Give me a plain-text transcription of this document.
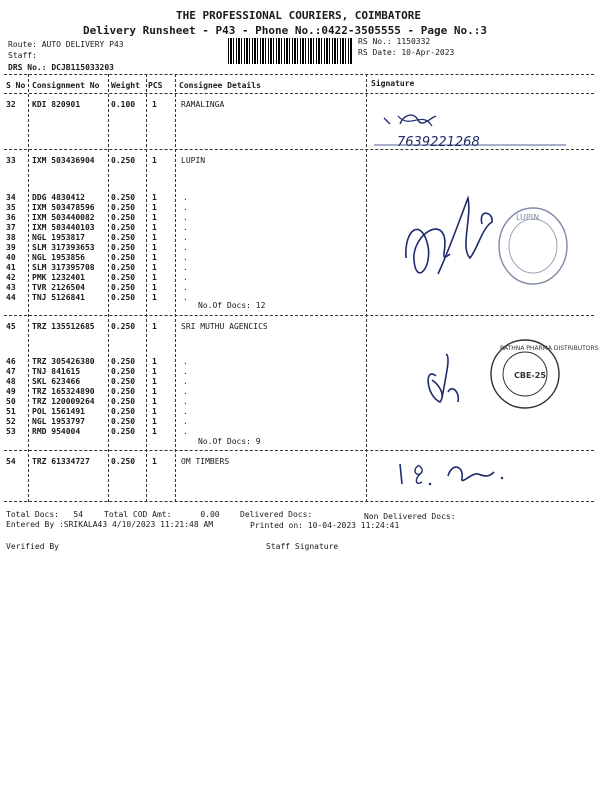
THE PROFESSIONAL COURIERS, COIMBATORE
Delivery Runsheet - P43 - Phone No.:0422-3505555 - Page No.:3
Route: AUTO DELIVERY P43
Staff:
DRS No.: DCJB115033203
RS No.: 1150332
RS Date: 10-Apr-2023
S No Consignment No Weight PCS Consignee Details	Signature
32 KDI 820901	0.100 1	RAMALINGA
33 IXM 503436904 0.250 1	LUPIN
34 DDG 4830412	0.250 1	.
35 IXM 503478596 0.250 1	.
36 IXM 503440082 0.250 1	.
37 IXM 503440103 0.250 1	.
38 NGL 1953817	0.250 1	.
39 SLM 317393653 0.250 1	.
40 NGL 1953856	0.250 1	.
41 SLM 317395708 0.250 1	.
42 PMK 1232401	0.250 1	.
43 TVR 2126504	0.250 1	.
44 TNJ 5126841	0.250 1	.
No.Of Docs: 12
45 TRZ 135512685 0.250 1	SRI MUTHU AGENCICS
46 TRZ 305426380 0.250 1	.
47 TNJ 841615	0.250 1	.
48 SKL 623466	0.250 1	.
49 TRZ 165324890 0.250 1	.
50 TRZ 120009264 0.250 1	.
51 POL 1561491	0.250 1	.
52 NGL 1953797	0.250 1	.
53 RMD 954004	0.250 1	.
No.Of Docs: 9
54 TRZ 61334727	0.250 1	OM TIMBERS
7639221268
LUPIN
RATHNA PHARMA DISTRIBUTORS
CBE-25
Total Docs:   54	Total COD Amt:      0.00	Delivered Docs:	Non Delivered Docs:
Entered By :SRIKALA43 4/10/2023 11:21:48 AM	Printed on: 10-04-2023 11:24:41
Verified By	Staff Signature
